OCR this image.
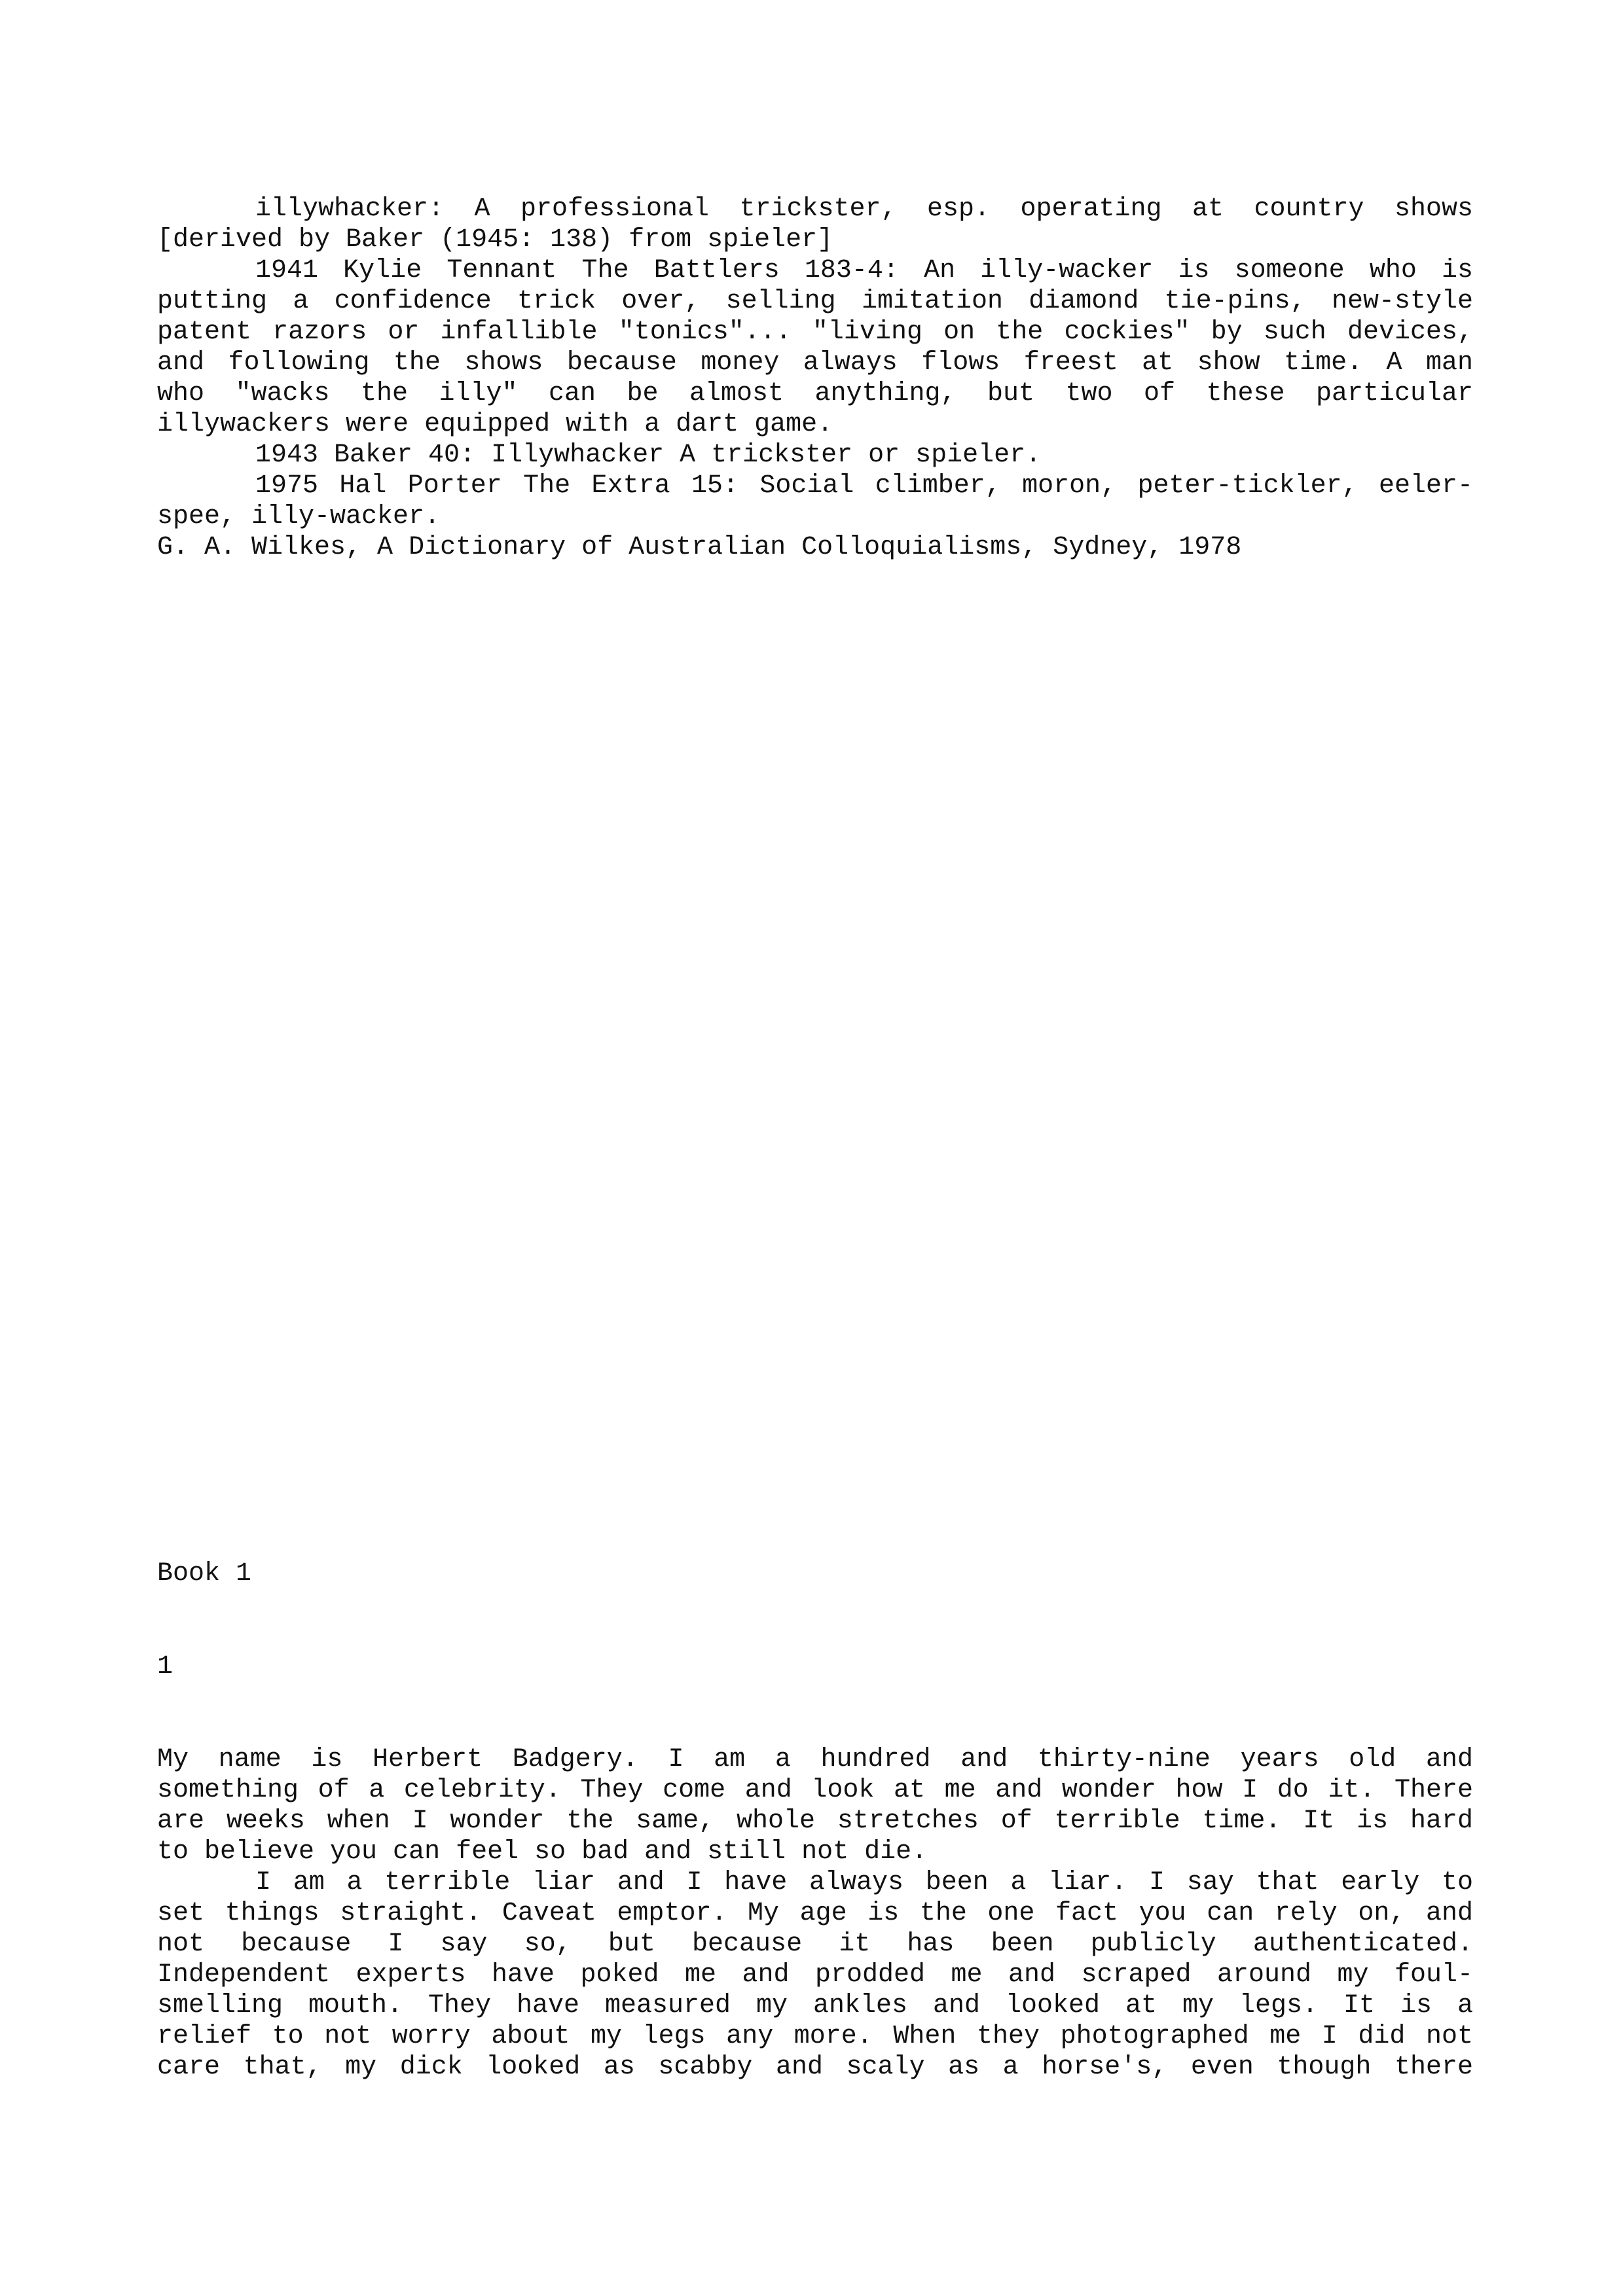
illywhacker: A professional trickster, esp. operating at country shows
[derived by Baker (1945: 138) from spieler]
1941 Kylie Tennant The Battlers 183-4: An illy-wacker is someone who is
putting a confidence trick over, selling imitation diamond tie-pins, new-style
patent razors or infallible "tonics"... "living on the cockies" by such devices,
and following the shows because money always flows freest at show time. A man
who "wacks the illy" can be almost anything, but two of these particular
illywackers were equipped with a dart game.
1943 Baker 40: Illywhacker A trickster or spieler.
1975 Hal Porter The Extra 15: Social climber, moron, peter-tickler, eeler-
spee, illy-wacker.
G. A. Wilkes, A Dictionary of Australian Colloquialisms, Sydney, 1978
Book 1
1
My name is Herbert Badgery. I am a hundred and thirty-nine years old and
something of a celebrity. They come and look at me and wonder how I do it. There
are weeks when I wonder the same, whole stretches of terrible time. It is hard
to believe you can feel so bad and still not die.
I am a terrible liar and I have always been a liar. I say that early to
set things straight. Caveat emptor. My age is the one fact you can rely on, and
not because I say so, but because it has been publicly authenticated.
Independent experts have poked me and prodded me and scraped around my foul-
smelling mouth. They have measured my ankles and looked at my legs. It is a
relief to not worry about my legs any more. When they photographed me I did not
care that, my dick looked as scabby and scaly as a horse's, even though there
